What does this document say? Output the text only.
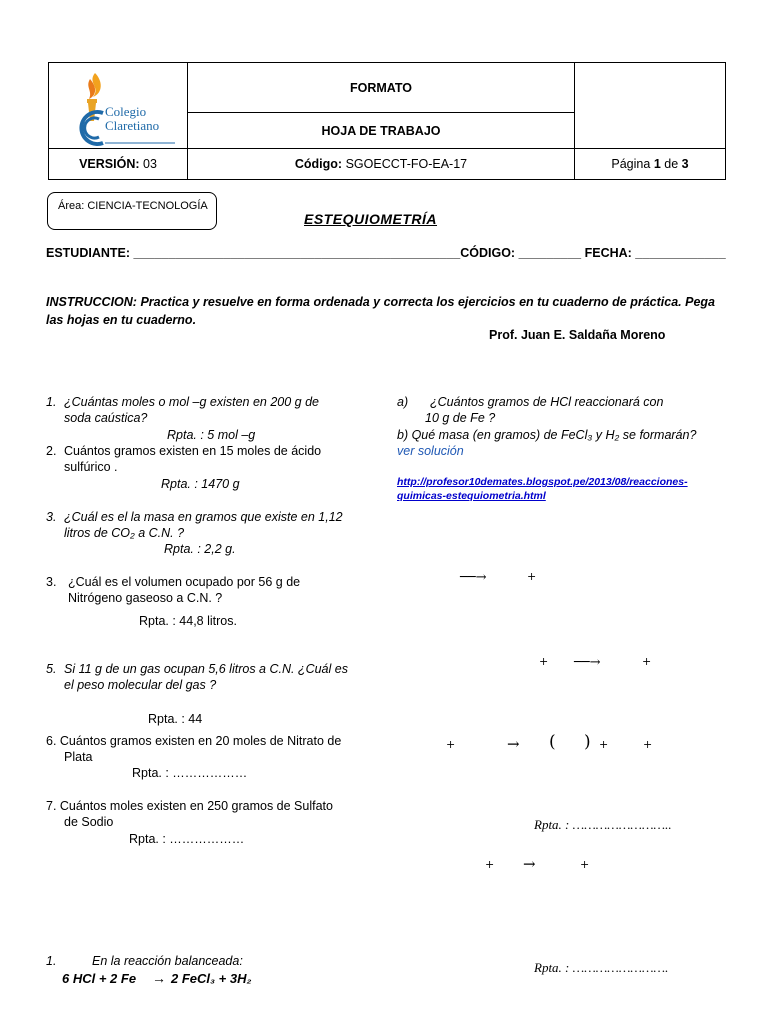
Colegio
Claretiano	FORMATO	
	HOJA DE TRABAJO	
VERSIÓN: 03	Código: SGOECCT-FO-EA-17	Página 1 de 3
Área: CIENCIA-TECNOLOGÍA
ESTEQUIOMETRÍA
ESTUDIANTE: _______________________________________________CÓDIGO: _________ FECHA: _____________
INSTRUCCION: Practica y resuelve en forma ordenada y correcta los ejercicios en tu cuaderno de práctica. Pega las hojas en tu cuaderno.
Prof. Juan E. Saldaña Moreno
1. ¿Cuántas moles o mol –g existen en 200 g de
soda caústica?
Rpta. : 5 mol –g
2. Cuántos gramos existen en 15 moles de ácido
sulfúrico .
Rpta. : 1470 g
3. ¿Cuál es el la masa en gramos que existe en 1,12
litros de CO₂ a C.N. ?
Rpta. : 2,2 g.
3. ¿Cuál es el volumen ocupado por 56 g de
Nitrógeno gaseoso a C.N. ?
Rpta. : 44,8 litros.
5. Si 11 g de un gas ocupan 5,6 litros a C.N. ¿Cuál es
el peso molecular del gas ?
Rpta. : 44
6. Cuántos gramos existen en 20 moles de Nitrato de
Plata
Rpta. : ………………
7. Cuántos moles existen en 250 gramos de Sulfato
de Sodio
Rpta. : ………………
1.	En la reacción balanceada:
6 HCl + 2 Fe → 2 FeCl₃ + 3H₂
a) ¿Cuántos gramos de HCl reaccionará con
10 g de Fe ?
b) Qué masa (en gramos) de FeCl₃ y H₂ se formarán?
ver solución
http://profesor10demates.blogspot.pe/2013/08/reacciones-quimicas-estequiometria.html
──→	+
+ ──→	+
+	→ ( ) +	+
Rpta. : ……………………..
+ →	+
Rpta. : …………………….
